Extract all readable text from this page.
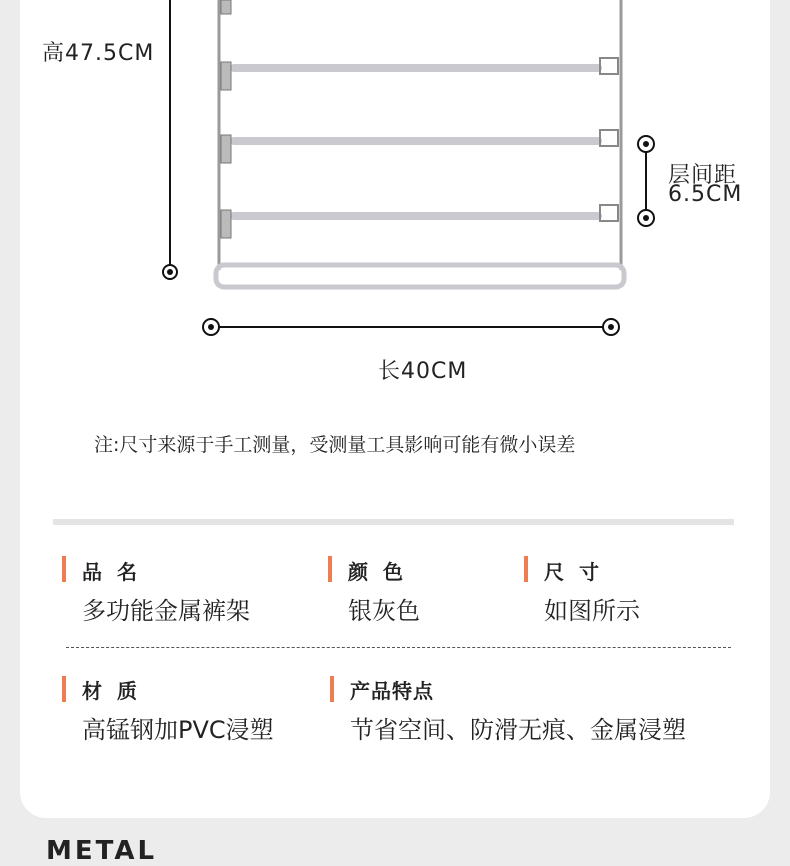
高47.5CM
层间距
6.5CM
长40CM
注:尺寸来源于手工测量，受测量工具影响可能有微小误差
品 名
多功能金属裤架
颜 色
银灰色
尺 寸
如图所示
材 质
高锰钢加PVC浸塑
产品特点
节省空间、防滑无痕、金属浸塑
METAL
